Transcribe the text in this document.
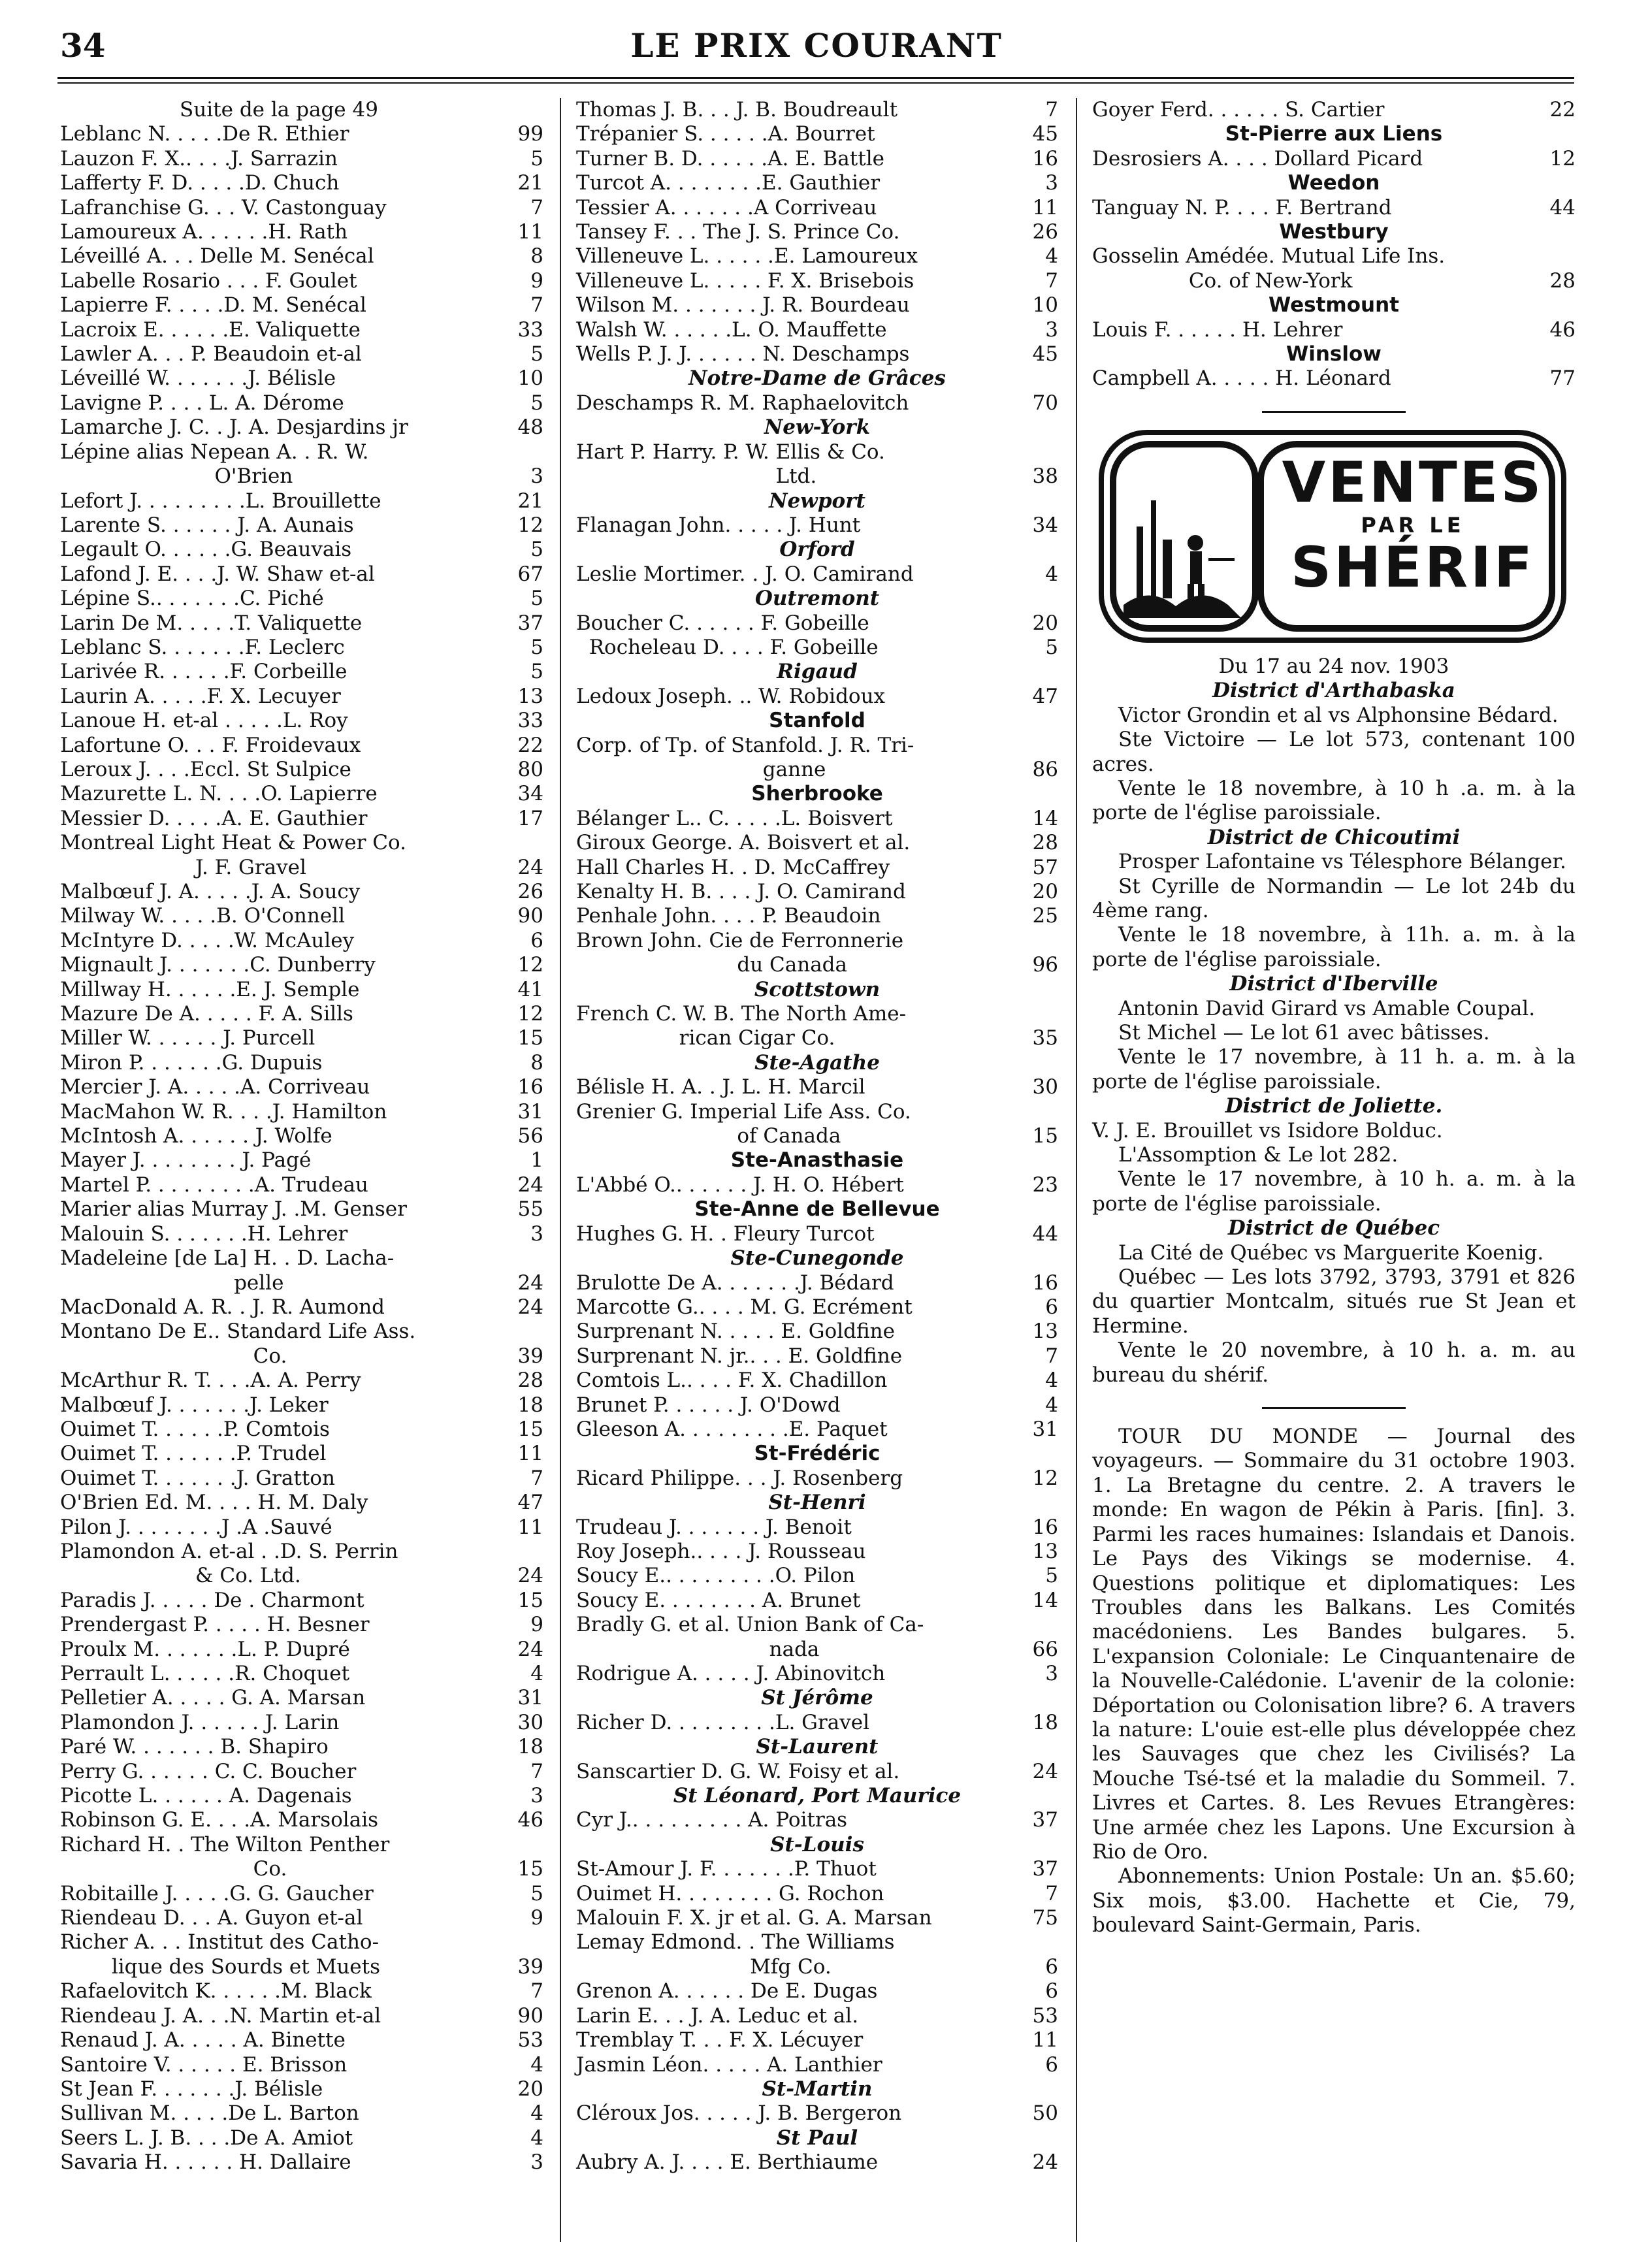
34	LE PRIX COURANT
Suite de la page 49
Leblanc N. . . . .De R. Ethier	99
Lauzon F. X.. . . .J. Sarrazin	5
Lafferty F. D. . . . .D. Chuch	21
Lafranchise G. . . V. Castonguay	7
Lamoureux A. . . . . .H. Rath	11
Léveillé A. . . Delle M. Senécal	8
Labelle Rosario . . . F. Goulet	9
Lapierre F. . . . .D. M. Senécal	7
Lacroix E. . . . . .E. Valiquette	33
Lawler A. . . P. Beaudoin et-al	5
Léveillé W. . . . . . .J. Bélisle	10
Lavigne P. . . . L. A. Dérome	5
Lamarche J. C. . J. A. Desjardins jr	48
Lépine alias Nepean A. . R. W.
O'Brien	3
Lefort J. . . . . . . . .L. Brouillette	21
Larente S. . . . . . J. A. Aunais	12
Legault O. . . . . .G. Beauvais	5
Lafond J. E. . . .J. W. Shaw et-al	67
Lépine S.. . . . . . .C. Piché	5
Larin De M. . . . .T. Valiquette	37
Leblanc S. . . . . . .F. Leclerc	5
Larivée R. . . . . .F. Corbeille	5
Laurin A. . . . .F. X. Lecuyer	13
Lanoue H. et-al . . . . .L. Roy	33
Lafortune O. . . F. Froidevaux	22
Leroux J. . . .Eccl. St Sulpice	80
Mazurette L. N. . . .O. Lapierre	34
Messier D. . . . .A. E. Gauthier	17
Montreal Light Heat & Power Co.
J. F. Gravel	24
Malbœuf J. A. . . . .J. A. Soucy	26
Milway W. . . . .B. O'Connell	90
McIntyre D. . . . .W. McAuley	6
Mignault J. . . . . . .C. Dunberry	12
Millway H. . . . . .E. J. Semple	41
Mazure De A. . . . . F. A. Sills	12
Miller W. . . . . . J. Purcell	15
Miron P. . . . . . .G. Dupuis	8
Mercier J. A. . . . .A. Corriveau	16
MacMahon W. R. . . .J. Hamilton	31
McIntosh A. . . . . . J. Wolfe	56
Mayer J. . . . . . . . J. Pagé	1
Martel P. . . . . . . . .A. Trudeau	24
Marier alias Murray J. .M. Genser	55
Malouin S. . . . . . .H. Lehrer	3
Madeleine [de La] H. . D. Lacha-
pelle	24
MacDonald A. R. . J. R. Aumond	24
Montano De E.. Standard Life Ass.
Co.	39
McArthur R. T. . . .A. A. Perry	28
Malbœuf J. . . . . . .J. Leker	18
Ouimet T. . . . . .P. Comtois	15
Ouimet T. . . . . . .P. Trudel	11
Ouimet T. . . . . . .J. Gratton	7
O'Brien Ed. M. . . . H. M. Daly	47
Pilon J. . . . . . . .J .A .Sauvé	11
Plamondon A. et-al . .D. S. Perrin
& Co. Ltd.	24
Paradis J. . . . . De . Charmont	15
Prendergast P. . . . . H. Besner	9
Proulx M. . . . . . .L. P. Dupré	24
Perrault L. . . . . .R. Choquet	4
Pelletier A. . . . . G. A. Marsan	31
Plamondon J. . . . . . J. Larin	30
Paré W. . . . . . . B. Shapiro	18
Perry G. . . . . . C. C. Boucher	7
Picotte L. . . . . . A. Dagenais	3
Robinson G. E. . . .A. Marsolais	46
Richard H. . The Wilton Penther
Co.	15
Robitaille J. . . . .G. G. Gaucher	5
Riendeau D. . . A. Guyon et-al	9
Richer A. . . Institut des Catho-
lique des Sourds et Muets	39
Rafaelovitch K. . . . . .M. Black	7
Riendeau J. A. . .N. Martin et-al	90
Renaud J. A. . . . . A. Binette	53
Santoire V. . . . . . E. Brisson	4
St Jean F. . . . . . .J. Bélisle	20
Sullivan M. . . . .De L. Barton	4
Seers L. J. B. . . .De A. Amiot	4
Savaria H. . . . . . H. Dallaire	3
Thomas J. B. . . J. B. Boudreault	7
Trépanier S. . . . . .A. Bourret	45
Turner B. D. . . . . .A. E. Battle	16
Turcot A. . . . . . . .E. Gauthier	3
Tessier A. . . . . . .A Corriveau	11
Tansey F. . . The J. S. Prince Co.	26
Villeneuve L. . . . . .E. Lamoureux	4
Villeneuve L. . . . . F. X. Brisebois	7
Wilson M. . . . . . . J. R. Bourdeau	10
Walsh W. . . . . .L. O. Mauffette	3
Wells P. J. J. . . . . . N. Deschamps	45
Notre-Dame de Grâces
Deschamps R. M. Raphaelovitch	70
New-York
Hart P. Harry. P. W. Ellis & Co.
Ltd.	38
Newport
Flanagan John. . . . . J. Hunt	34
Orford
Leslie Mortimer. . J. O. Camirand	4
Outremont
Boucher C. . . . . . F. Gobeille	20
Rocheleau D. . . . F. Gobeille	5
Rigaud
Ledoux Joseph. .. W. Robidoux	47
Stanfold
Corp. of Tp. of Stanfold. J. R. Tri-
ganne	86
Sherbrooke
Bélanger L.. C. . . . .L. Boisvert	14
Giroux George. A. Boisvert et al.	28
Hall Charles H. . D. McCaffrey	57
Kenalty H. B. . . . J. O. Camirand	20
Penhale John. . . . P. Beaudoin	25
Brown John. Cie de Ferronnerie
du Canada	96
Scottstown
French C. W. B. The North Ame-
rican Cigar Co.	35
Ste-Agathe
Bélisle H. A. . J. L. H. Marcil	30
Grenier G. Imperial Life Ass. Co.
of Canada	15
Ste-Anasthasie
L'Abbé O.. . . . . . J. H. O. Hébert	23
Ste-Anne de Bellevue
Hughes G. H. . Fleury Turcot	44
Ste-Cunegonde
Brulotte De A. . . . . . .J. Bédard	16
Marcotte G.. . . . M. G. Ecrément	6
Surprenant N. . . . . E. Goldfine	13
Surprenant N. jr.. . . E. Goldfine	7
Comtois L.. . . . F. X. Chadillon	4
Brunet P. . . . . . J. O'Dowd	4
Gleeson A. . . . . . . . .E. Paquet	31
St-Frédéric
Ricard Philippe. . . J. Rosenberg	12
St-Henri
Trudeau J. . . . . . . J. Benoit	16
Roy Joseph.. . . . J. Rousseau	13
Soucy E.. . . . . . . . .O. Pilon	5
Soucy E. . . . . . . . A. Brunet	14
Bradly G. et al. Union Bank of Ca-
nada	66
Rodrigue A. . . . . J. Abinovitch	3
St Jérôme
Richer D. . . . . . . . .L. Gravel	18
St-Laurent
Sanscartier D. G. W. Foisy et al.	24
St Léonard, Port Maurice
Cyr J.. . . . . . . . . A. Poitras	37
St-Louis
St-Amour J. F. . . . . . .P. Thuot	37
Ouimet H. . . . . . . . G. Rochon	7
Malouin F. X. jr et al. G. A. Marsan	75
Lemay Edmond. . The Williams
Mfg Co.	6
Grenon A. . . . . . De E. Dugas	6
Larin E. . . J. A. Leduc et al.	53
Tremblay T. . . F. X. Lécuyer	11
Jasmin Léon. . . . . A. Lanthier	6
St-Martin
Cléroux Jos. . . . . J. B. Bergeron	50
St Paul
Aubry A. J. . . . E. Berthiaume	24
Goyer Ferd. . . . . . S. Cartier	22
St-Pierre aux Liens
Desrosiers A. . . . Dollard Picard	12
Weedon
Tanguay N. P. . . . F. Bertrand	44
Westbury
Gosselin Amédée. Mutual Life Ins.
Co. of New-York	28
Westmount
Louis F. . . . . . H. Lehrer	46
Winslow
Campbell A. . . . . H. Léonard	77
VENTES
PAR LE
SHÉRIF
Du 17 au 24 nov. 1903
District d'Arthabaska
Victor Grondin et al vs Alphonsine Bédard.
Ste Victoire — Le lot 573, contenant 100 acres.
Vente le 18 novembre, à 10 h .a. m. à la porte de l'église paroissiale.
District de Chicoutimi
Prosper Lafontaine vs Télesphore Bélanger.
St Cyrille de Normandin — Le lot 24b du 4ème rang.
Vente le 18 novembre, à 11h. a. m. à la porte de l'église paroissiale.
District d'Iberville
Antonin David Girard vs Amable Coupal.
St Michel — Le lot 61 avec bâtisses.
Vente le 17 novembre, à 11 h. a. m. à la porte de l'église paroissiale.
District de Joliette.
V. J. E. Brouillet vs Isidore Bolduc.
L'Assomption & Le lot 282.
Vente le 17 novembre, à 10 h. a. m. à la porte de l'église paroissiale.
District de Québec
La Cité de Québec vs Marguerite Koenig.
Québec — Les lots 3792, 3793, 3791 et 826 du quartier Montcalm, situés rue St Jean et Hermine.
Vente le 20 novembre, à 10 h. a. m. au bureau du shérif.
TOUR DU MONDE — Journal des voyageurs. — Sommaire du 31 octobre 1903. 1. La Bretagne du centre. 2. A travers le monde: En wagon de Pékin à Paris. [fin]. 3. Parmi les races humaines: Islandais et Danois. Le Pays des Vikings se modernise. 4. Questions politique et diplomatiques: Les Troubles dans les Balkans. Les Comités macédoniens. Les Bandes bulgares. 5. L'expansion Coloniale: Le Cinquantenaire de la Nouvelle-Calédonie. L'avenir de la colonie: Déportation ou Colonisation libre? 6. A travers la nature: L'ouie est-elle plus développée chez les Sauvages que chez les Civilisés? La Mouche Tsé-tsé et la maladie du Sommeil. 7. Livres et Cartes. 8. Les Revues Etrangères: Une armée chez les Lapons. Une Excursion à Rio de Oro.
Abonnements: Union Postale: Un an. $5.60; Six mois, $3.00. Hachette et Cie, 79, boulevard Saint-Germain, Paris.
